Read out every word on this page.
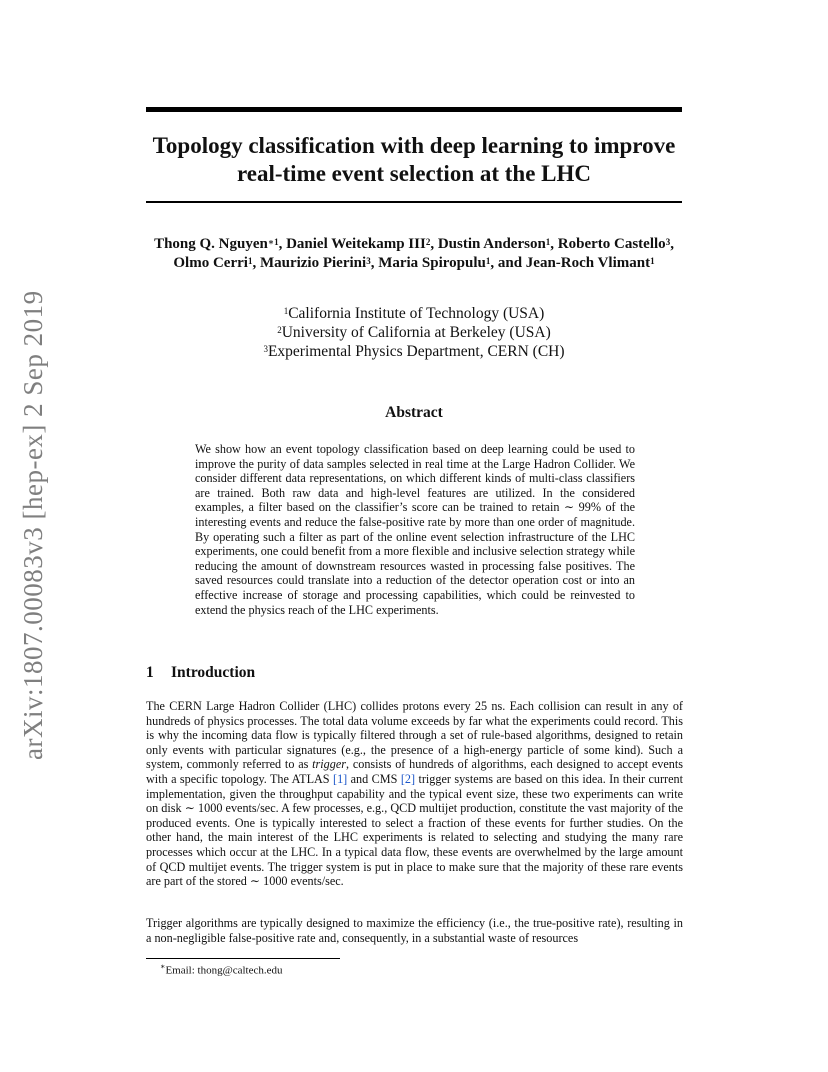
arXiv:1807.00083v3 [hep-ex] 2 Sep 2019
Topology classification with deep learning to improve
real-time event selection at the LHC
Thong Q. Nguyen$^{∗1}$, Daniel Weitekamp III$^2$, Dustin Anderson$^1$, Roberto Castello$^3$, Olmo Cerri$^1$, Maurizio Pierini$^3$, Maria Spiropulu$^1$, and Jean-Roch Vlimant$^1$
$^1$California Institute of Technology (USA)
$^2$University of California at Berkeley (USA)
$^3$Experimental Physics Department, CERN (CH)
Abstract
We show how an event topology classification based on deep learning could be used to improve the purity of data samples selected in real time at the Large Hadron Collider. We consider different data representations, on which different kinds of multi-class classifiers are trained. Both raw data and high-level features are utilized. In the considered examples, a filter based on the classifier’s score can be trained to retain ∼ 99% of the interesting events and reduce the false-positive rate by more than one order of magnitude. By operating such a filter as part of the online event selection infrastructure of the LHC experiments, one could benefit from a more flexible and inclusive selection strategy while reducing the amount of downstream resources wasted in processing false positives. The saved resources could translate into a reduction of the detector operation cost or into an effective increase of storage and processing capabilities, which could be reinvested to extend the physics reach of the LHC experiments.
1 Introduction
The CERN Large Hadron Collider (LHC) collides protons every 25 ns. Each collision can result in any of hundreds of physics processes. The total data volume exceeds by far what the experiments could record. This is why the incoming data flow is typically filtered through a set of rule-based algorithms, designed to retain only events with particular signatures (e.g., the presence of a high-energy particle of some kind). Such a system, commonly referred to as trigger, consists of hundreds of algorithms, each designed to accept events with a specific topology. The ATLAS [1] and CMS [2] trigger systems are based on this idea. In their current implementation, given the throughput capability and the typical event size, these two experiments can write on disk ∼ 1000 events/sec. A few processes, e.g., QCD multijet production, constitute the vast majority of the produced events. One is typically interested to select a fraction of these events for further studies. On the other hand, the main interest of the LHC experiments is related to selecting and studying the many rare processes which occur at the LHC. In a typical data flow, these events are overwhelmed by the large amount of QCD multijet events. The trigger system is put in place to make sure that the majority of these rare events are part of the stored ∼ 1000 events/sec.
Trigger algorithms are typically designed to maximize the efficiency (i.e., the true-positive rate), resulting in a non-negligible false-positive rate and, consequently, in a substantial waste of resources
∗Email: thong@caltech.edu
